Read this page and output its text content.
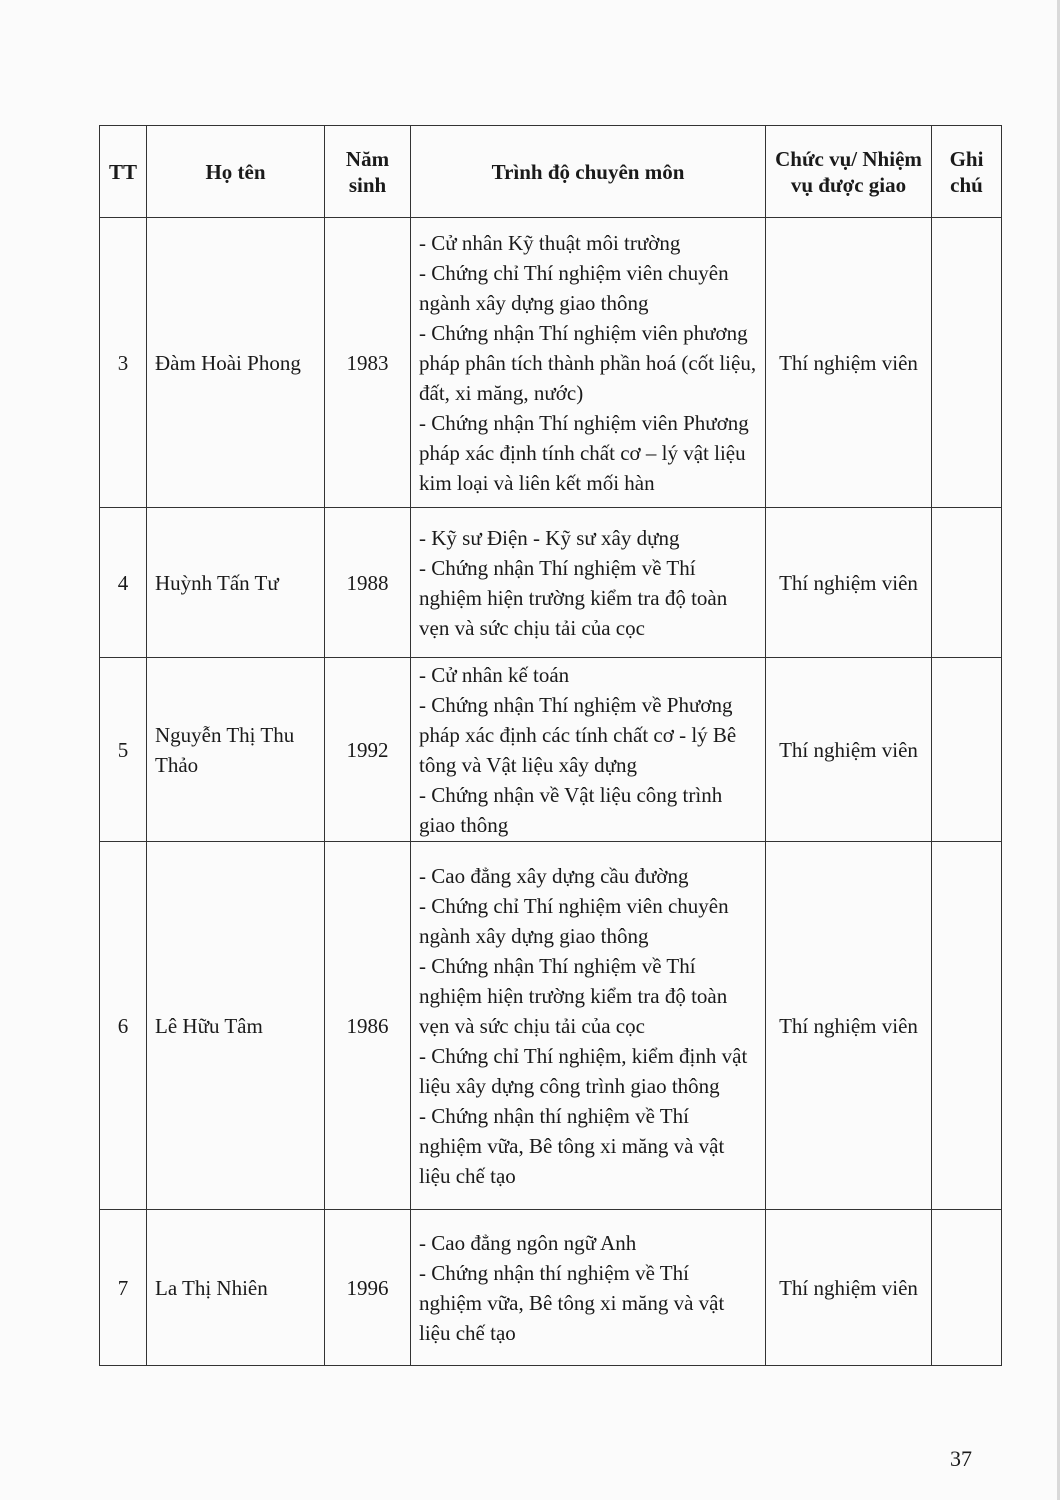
TT	Họ tên	Năm sinh	Trình độ chuyên môn	Chức vụ/ Nhiệm vụ được giao	Ghi chú
3	Đàm Hoài Phong	1983	- Cử nhân Kỹ thuật môi trường
- Chứng chỉ Thí nghiệm viên chuyên ngành xây dựng giao thông
- Chứng nhận Thí nghiệm viên phương pháp phân tích thành phần hoá (cốt liệu, đất, xi măng, nước)
- Chứng nhận Thí nghiệm viên Phương pháp xác định tính chất cơ – lý vật liệu kim loại và liên kết mối hàn	Thí nghiệm viên	
4	Huỳnh Tấn Tư	1988	- Kỹ sư Điện - Kỹ sư xây dựng
- Chứng nhận Thí nghiệm về Thí nghiệm hiện trường kiểm tra độ toàn vẹn và sức chịu tải của cọc	Thí nghiệm viên	
5	Nguyễn Thị Thu Thảo	1992	- Cử nhân kế toán
- Chứng nhận Thí nghiệm về Phương pháp xác định các tính chất cơ - lý Bê tông và Vật liệu xây dựng
- Chứng nhận về Vật liệu công trình giao thông	Thí nghiệm viên	
6	Lê Hữu Tâm	1986	- Cao đẳng xây dựng cầu đường
- Chứng chỉ Thí nghiệm viên chuyên ngành xây dựng giao thông
- Chứng nhận Thí nghiệm về Thí nghiệm hiện trường kiểm tra độ toàn vẹn và sức chịu tải của cọc
- Chứng chỉ Thí nghiệm, kiểm định vật liệu xây dựng công trình giao thông
- Chứng nhận thí nghiệm về Thí nghiệm vữa, Bê tông xi măng và vật liệu chế tạo	Thí nghiệm viên	
7	La Thị Nhiên	1996	- Cao đẳng ngôn ngữ Anh
- Chứng nhận thí nghiệm về Thí nghiệm vữa, Bê tông xi măng và vật liệu chế tạo	Thí nghiệm viên	
37
